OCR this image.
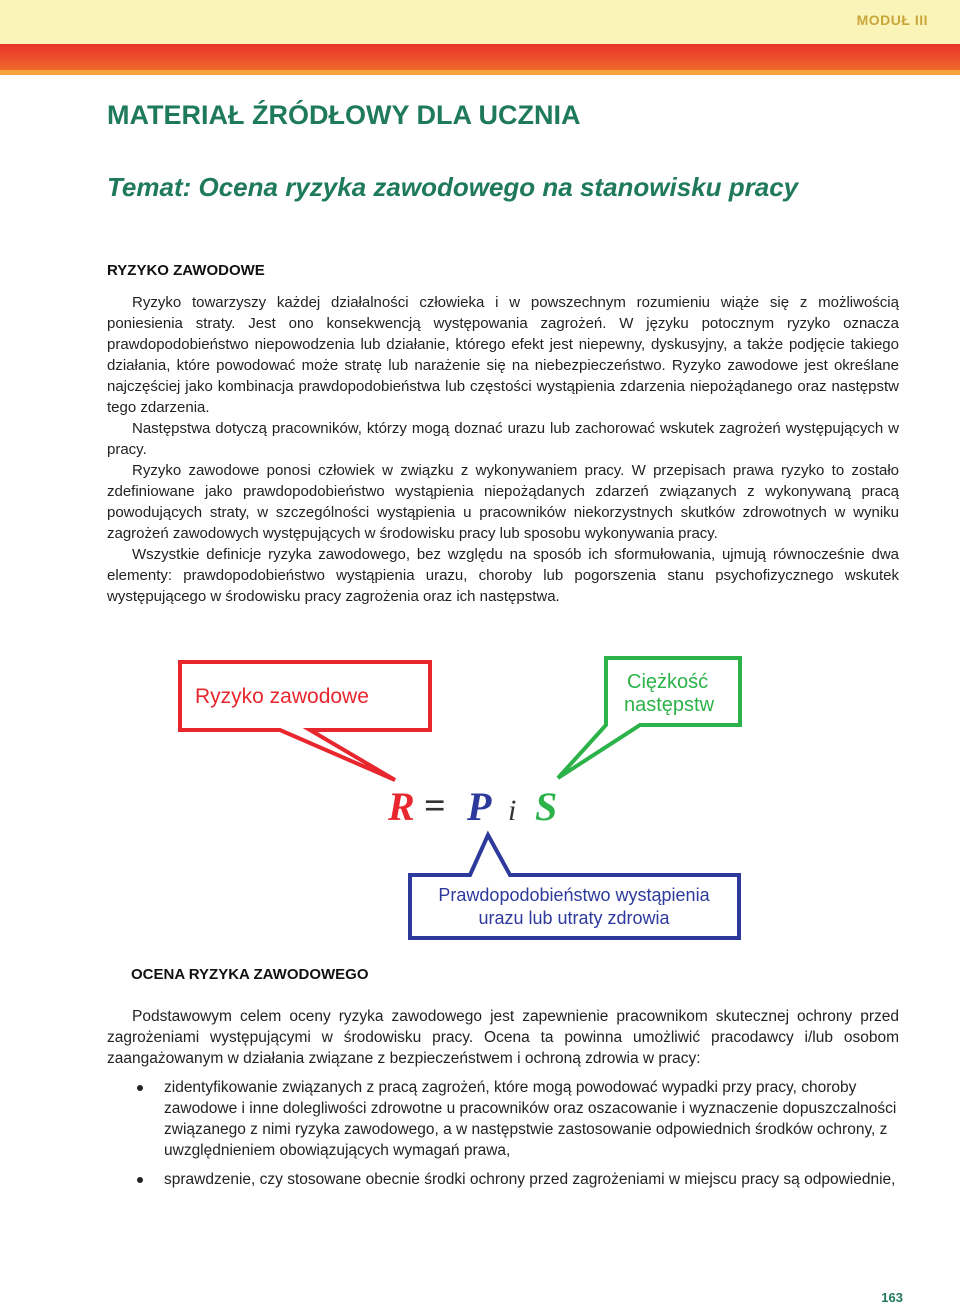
MODUŁ III
MATERIAŁ ŹRÓDŁOWY DLA UCZNIA
Temat: Ocena ryzyka zawodowego na stanowisku pracy
RYZYKO ZAWODOWE

Ryzyko towarzyszy każdej działalności człowieka i w powszechnym rozumieniu wiąże się z możliwością poniesienia straty. Jest ono konsekwencją występowania zagrożeń. W języku potocznym ryzyko oznacza prawdopodobieństwo niepowodzenia lub działanie, którego efekt jest niepewny, dyskusyjny, a także podjęcie takiego działania, które powodować może stratę lub narażenie się na niebezpieczeństwo. Ryzyko zawodowe jest określane najczęściej jako kombinacja prawdopodobieństwa lub częstości wystąpienia zdarzenia niepożądanego oraz następstw tego zdarzenia.

Następstwa dotyczą pracowników, którzy mogą doznać urazu lub zachorować wskutek zagrożeń występujących w pracy.

Ryzyko zawodowe ponosi człowiek w związku z wykonywaniem pracy. W przepisach prawa ryzyko to zostało zdefiniowane jako prawdopodobieństwo wystąpienia niepożądanych zdarzeń związanych z wykonywaną pracą powodujących straty, w szczególności wystąpienia u pracowników niekorzystnych skutków zdrowotnych w wyniku zagrożeń zawodowych występujących w środowisku pracy lub sposobu wykonywania pracy.

Wszystkie definicje ryzyka zawodowego, bez względu na sposób ich sformułowania, ujmują równocześnie dwa elementy: prawdopodobieństwo wystąpienia urazu, choroby lub pogorszenia stanu psychofizycznego wskutek występującego w środowisku pracy zagrożenia oraz ich następstwa.

Ryzyko zawodowe
Ciężkość
następstw
R = P i S
Prawdopodobieństwo wystąpienia
urazu lub utraty zdrowia
OCENA RYZYKA ZAWODOWEGO

Podstawowym celem oceny ryzyka zawodowego jest zapewnienie pracownikom skutecznej ochrony przed zagrożeniami występującymi w środowisku pracy. Ocena ta powinna umożliwić pracodawcy i/lub osobom zaangażowanym w działania związane z bezpieczeństwem i ochroną zdrowia w pracy:

zidentyfikowanie związanych z pracą zagrożeń, które mogą powodować wypadki przy pracy, choroby zawodowe i inne dolegliwości zdrowotne u pracowników oraz oszacowanie i wyznaczenie dopuszczalności związanego z nimi ryzyka zawodowego, a w następstwie zastosowanie odpowiednich środków ochrony, z uwzględnieniem obowiązujących wymagań prawa,
sprawdzenie, czy stosowane obecnie środki ochrony przed zagrożeniami w miejscu pracy są odpowiednie,
163
